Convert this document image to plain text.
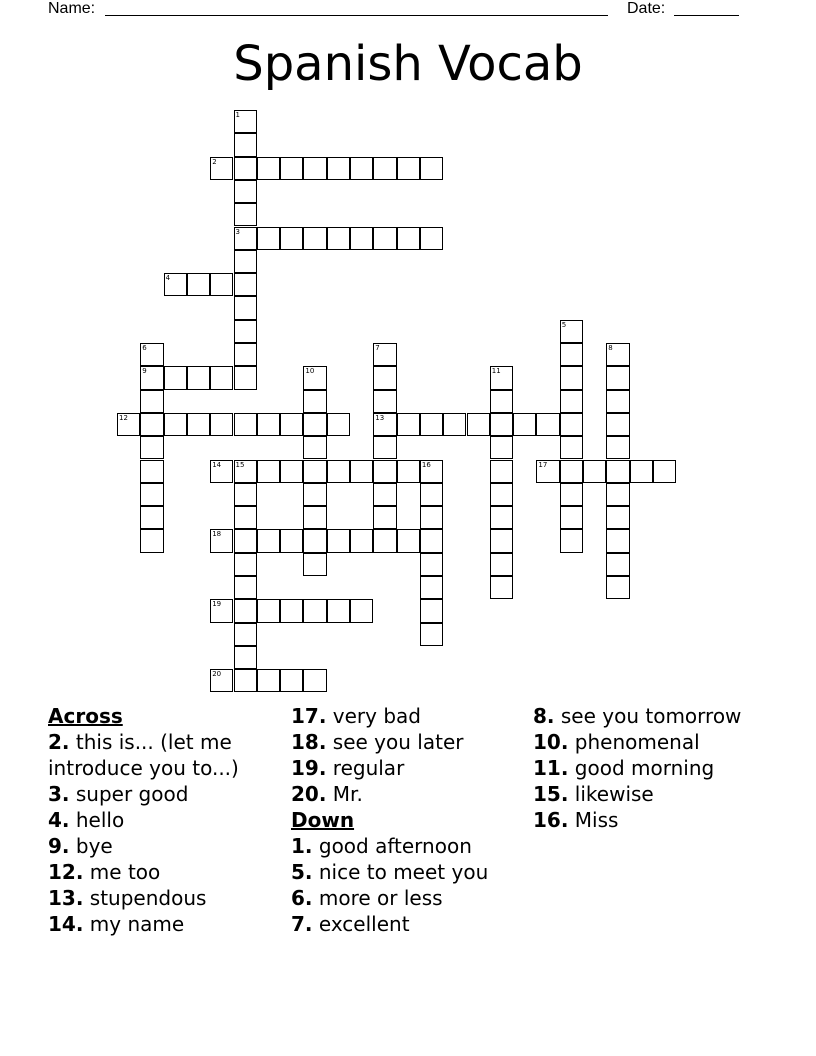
Name:	Date:
Spanish Vocab
1
3
2
4
5
6
9
7
13
8
10	11
12
14 15	16	17
18
19
20
Across
2. this is... (let me introduce you to...)
3. super good
4. hello
9. bye
12. me too
13. stupendous
14. my name
17. very bad
18. see you later
19. regular
20. Mr.
Down
1. good afternoon
5. nice to meet you
6. more or less
7. excellent
8. see you tomorrow
10. phenomenal
11. good morning
15. likewise
16. Miss
